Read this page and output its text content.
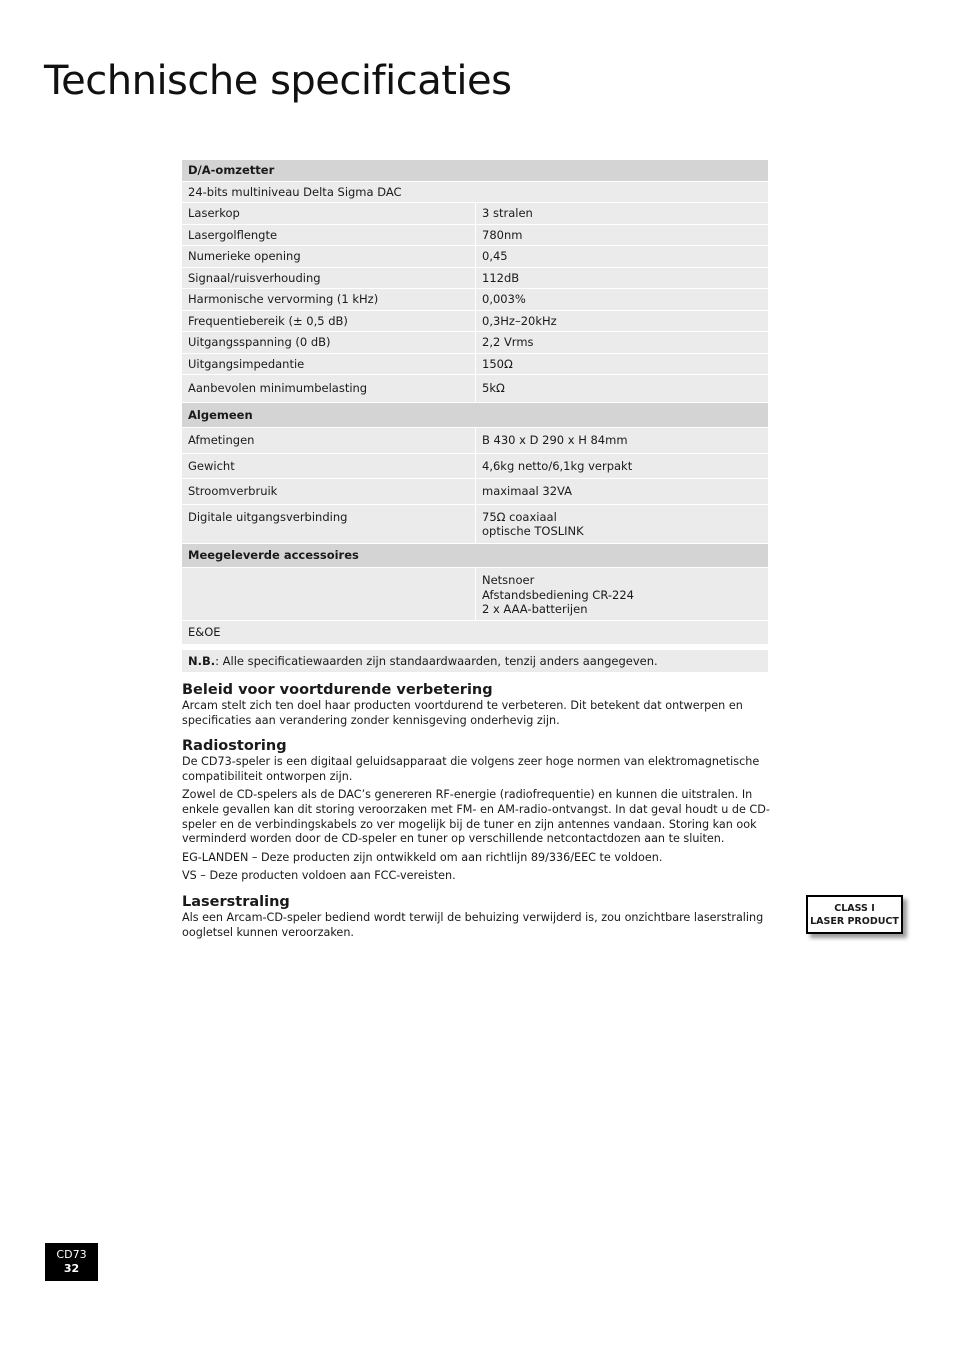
Technische specificaties
D/A-omzetter	
24-bits multiniveau Delta Sigma DAC	
Laserkop	3 stralen
Lasergolflengte	780nm
Numerieke opening	0,45
Signaal/ruisverhouding	112dB
Harmonische vervorming (1 kHz)	0,003%
Frequentiebereik (± 0,5 dB)	0,3Hz–20kHz
Uitgangsspanning (0 dB)	2,2 Vrms
Uitgangsimpedantie	150Ω
Aanbevolen minimumbelasting	5kΩ
Algemeen	
Afmetingen	B 430 x D 290 x H 84mm
Gewicht	4,6kg netto/6,1kg verpakt
Stroomverbruik	maximaal 32VA
Digitale uitgangsverbinding	75Ω coaxiaal
optische TOSLINK

Meegeleverde accessoires	

	Netsnoer
Afstandsbediening CR-224
2 x AAA-batterijen

E&OE	
N.B.: Alle specificatiewaarden zijn standaardwaarden, tenzij anders aangegeven.
Beleid voor voortdurende verbetering

Arcam stelt zich ten doel haar producten voortdurend te verbeteren. Dit betekent dat ontwerpen en specificaties aan verandering zonder kennisgeving onderhevig zijn.

Radiostoring

De CD73-speler is een digitaal geluidsapparaat die volgens zeer hoge normen van elektromagnetische compatibiliteit ontworpen zijn.

Zowel de CD-spelers als de DAC’s genereren RF-energie (radiofrequentie) en kunnen die uitstralen. In enkele gevallen kan dit storing veroorzaken met FM- en AM-radio-ontvangst. In dat geval houdt u de CD-speler en de verbindingskabels zo ver mogelijk bij de tuner en zijn antennes vandaan. Storing kan ook verminderd worden door de CD-speler en tuner op verschillende netcontactdozen aan te sluiten.

EG-LANDEN – Deze producten zijn ontwikkeld om aan richtlijn 89/336/EEC te voldoen.

VS – Deze producten voldoen aan FCC-vereisten.

Laserstraling

Als een Arcam-CD-speler bediend wordt terwijl de behuizing verwijderd is, zou onzichtbare laserstraling oogletsel kunnen veroorzaken.

CLASS I
LASER PRODUCT
CD73
32
